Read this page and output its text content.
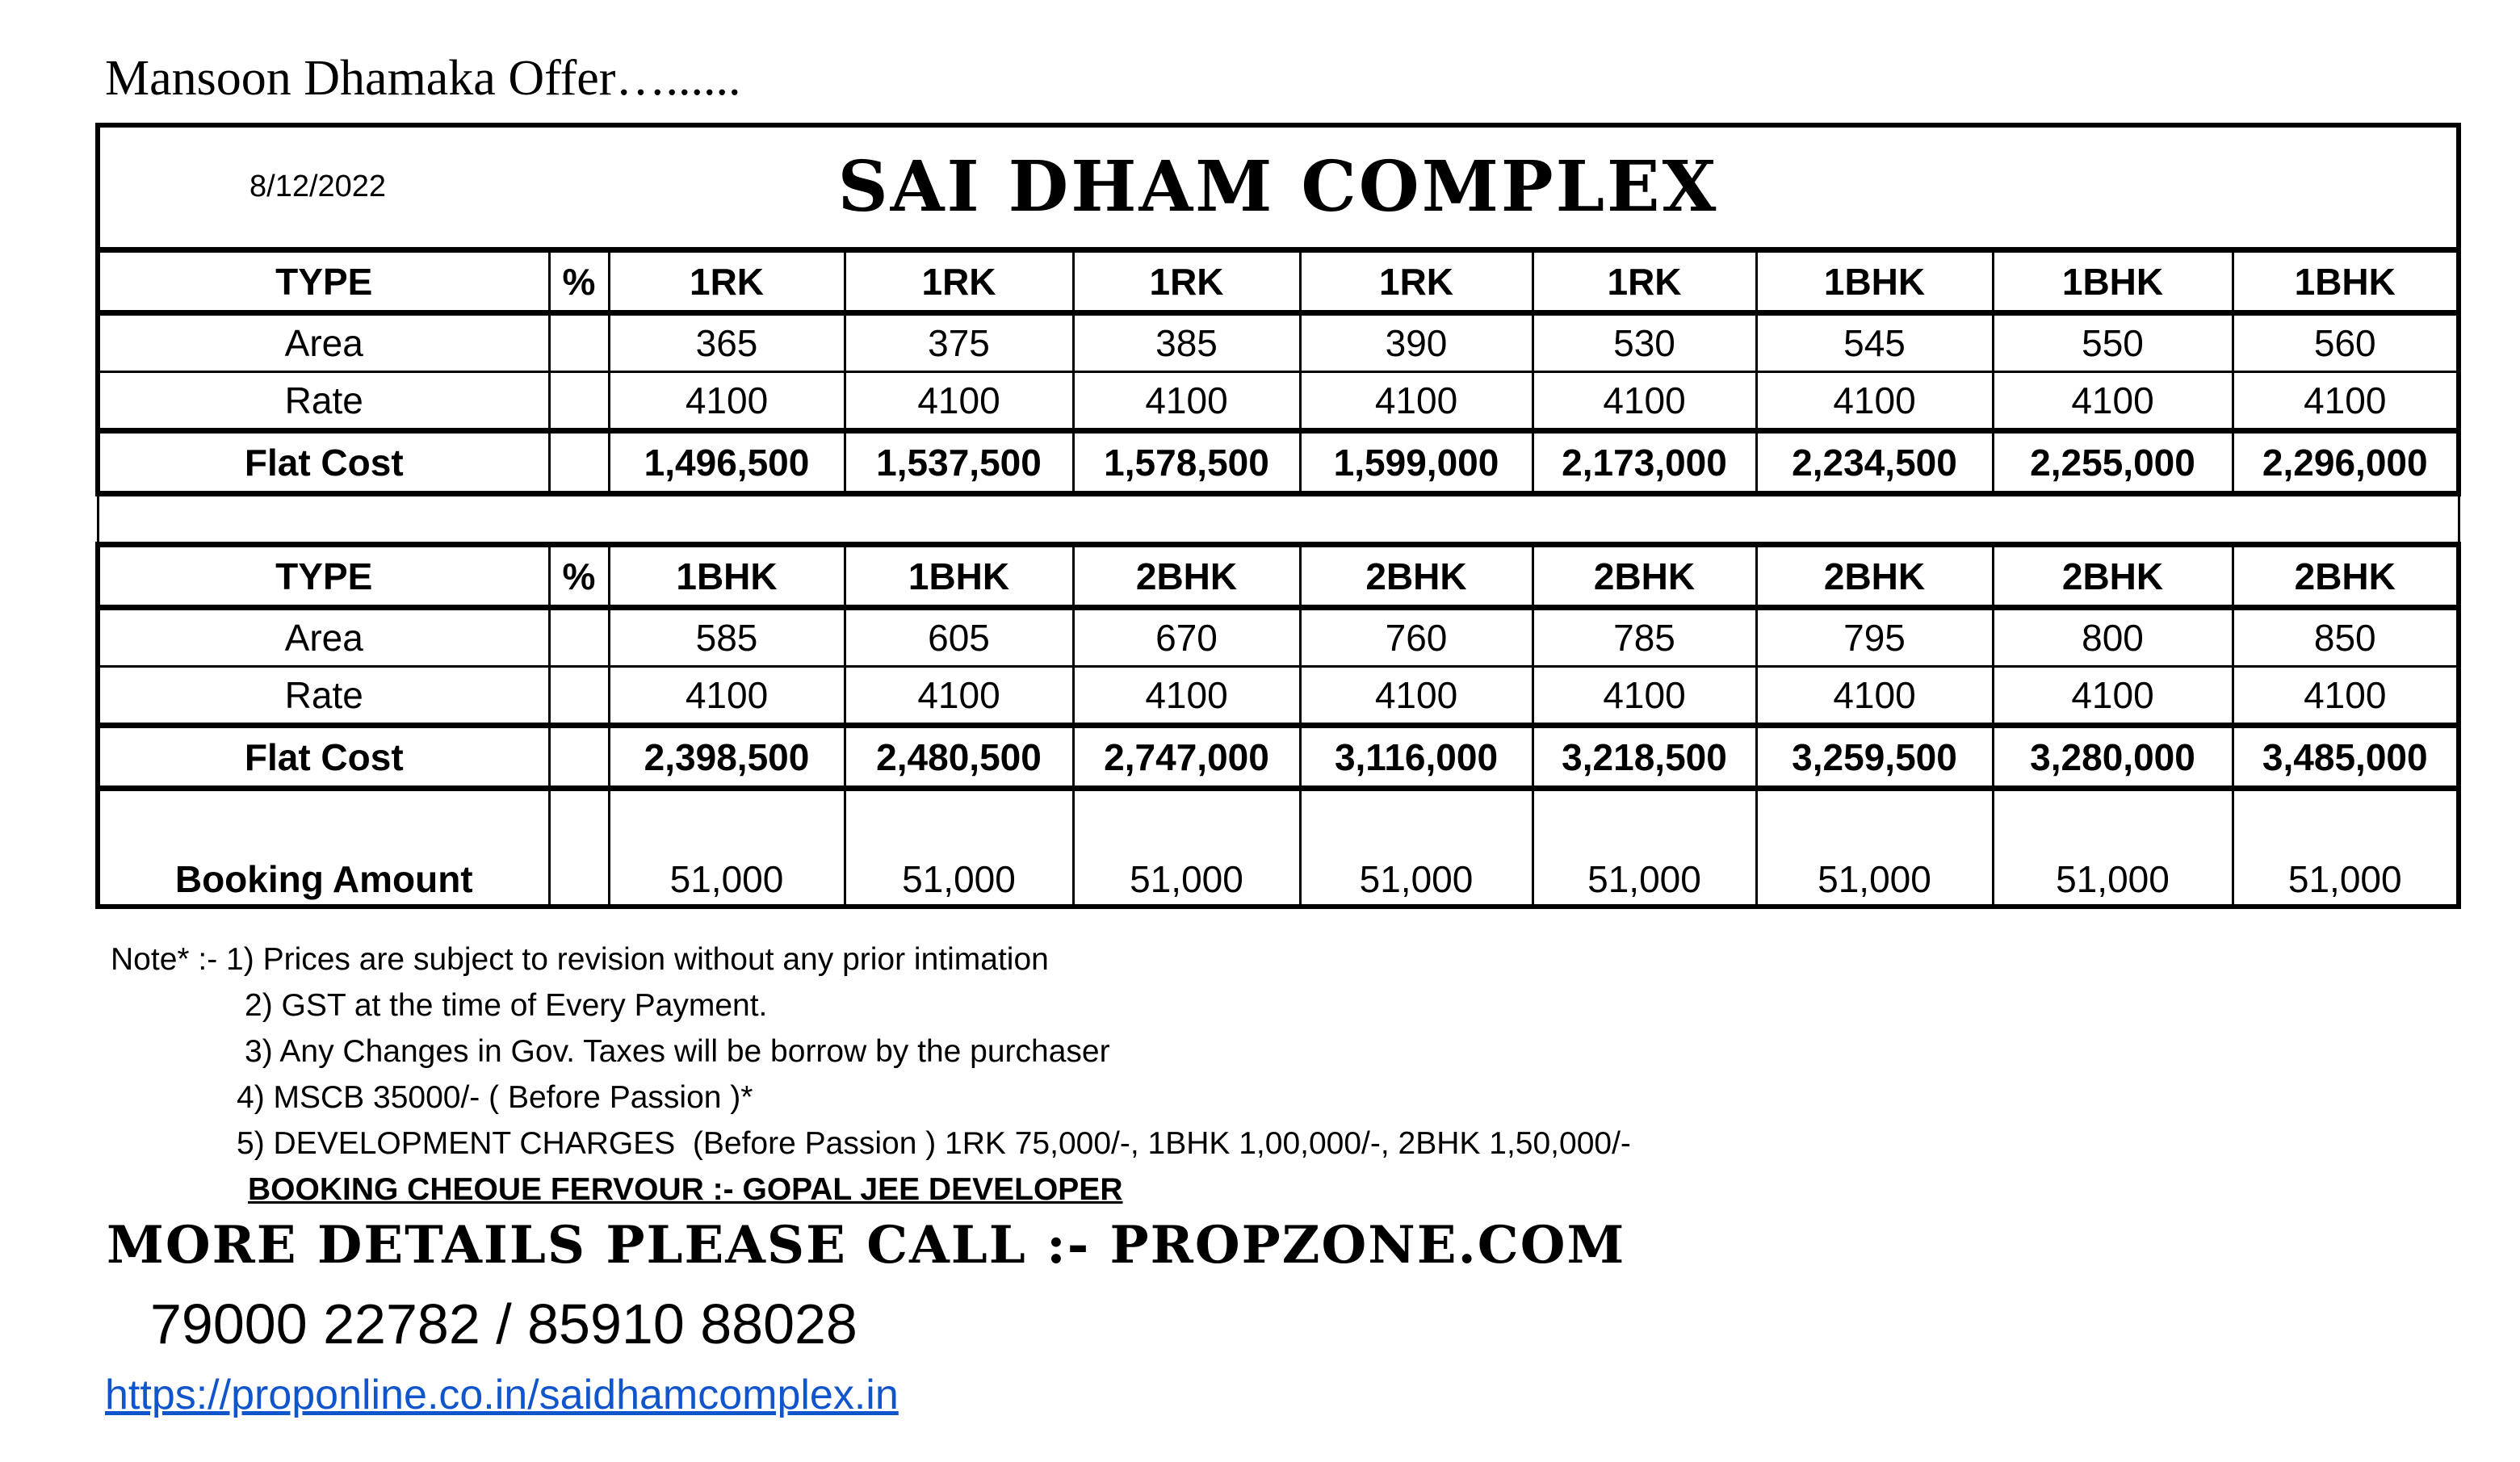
Mansoon Dhamaka Offer…......
8/12/2022 SAI DHAM COMPLEX									
TYPE	%	1RK	1RK	1RK	1RK	1RK	1BHK	1BHK	1BHK
Area		365	375	385	390	530	545	550	560
Rate		4100	4100	4100	4100	4100	4100	4100	4100
Flat Cost		1,496,500	1,537,500	1,578,500	1,599,000	2,173,000	2,234,500	2,255,000	2,296,000

TYPE	%	1BHK	1BHK	2BHK	2BHK	2BHK	2BHK	2BHK	2BHK
Area		585	605	670	760	785	795	800	850
Rate		4100	4100	4100	4100	4100	4100	4100	4100
Flat Cost		2,398,500	2,480,500	2,747,000	3,116,000	3,218,500	3,259,500	3,280,000	3,485,000
Booking Amount		51,000	51,000	51,000	51,000	51,000	51,000	51,000	51,000
Note* :- 1) Prices are subject to revision without any prior intimation
2) GST at the time of Every Payment.
3) Any Changes in Gov. Taxes will be borrow by the purchaser
4) MSCB 35000/- ( Before Passion )*
5) DEVELOPMENT CHARGES  (Before Passion ) 1RK 75,000/-, 1BHK 1,00,000/-, 2BHK 1,50,000/-
BOOKING CHEOUE FERVOUR :- GOPAL JEE DEVELOPER
MORE DETAILS PLEASE CALL :- PROPZONE.COM
79000 22782 / 85910 88028
https://proponline.co.in/saidhamcomplex.in
